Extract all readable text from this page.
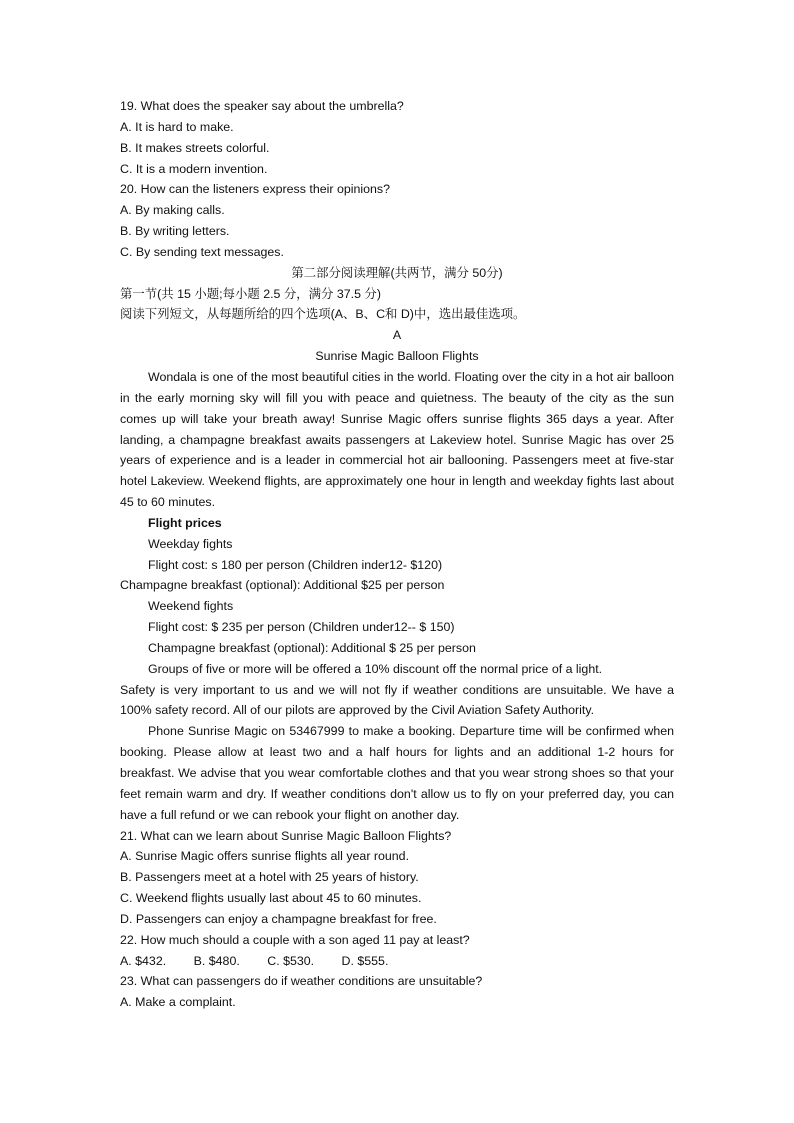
19. What does the speaker say about the umbrella?
A. It is hard to make.
B. It makes streets colorful.
C. It is a modern invention.
20. How can the listeners express their opinions?
A. By making calls.
B. By writing letters.
C. By sending text messages.
第二部分阅读理解(共两节，满分 50分)
第一节(共 15 小题;每小题 2.5 分，满分 37.5 分)
阅读下列短文，从每题所给的四个选项(A、B、C和 D)中，选出最佳选项。
A
Sunrise Magic Balloon Flights

Wondala is one of the most beautiful cities in the world. Floating over the city in a hot air balloon in the early morning sky will fill you with peace and quietness. The beauty of the city as the sun comes up will take your breath away! Sunrise Magic offers sunrise flights 365 days a year. After landing, a champagne breakfast awaits passengers at Lakeview hotel. Sunrise Magic has over 25 years of experience and is a leader in commercial hot air ballooning. Passengers meet at five-star hotel Lakeview. Weekend flights, are approximately one hour in length and weekday fights last about 45 to 60 minutes.

Flight prices
Weekday fights
Flight cost: s 180 per person (Children inder12- $120)
Champagne breakfast (optional): Additional $25 per person
Weekend fights
Flight cost: $ 235 per person (Children under12-- $ 150)
Champagne breakfast (optional): Additional $ 25 per person
Groups of five or more will be offered a 10% discount off the normal price of a light.

Safety is very important to us and we will not fly if weather conditions are unsuitable. We have a 100% safety record. All of our pilots are approved by the Civil Aviation Safety Authority.

Phone Sunrise Magic on 53467999 to make a booking. Departure time will be confirmed when booking. Please allow at least two and a half hours for lights and an additional 1-2 hours for breakfast. We advise that you wear comfortable clothes and that you wear strong shoes so that your feet remain warm and dry. If weather conditions don't allow us to fly on your preferred day, you can have a full refund or we can rebook your flight on another day.

21. What can we learn about Sunrise Magic Balloon Flights?
A. Sunrise Magic offers sunrise flights all year round.
B. Passengers meet at a hotel with 25 years of history.
C. Weekend flights usually last about 45 to 60 minutes.
D. Passengers can enjoy a champagne breakfast for free.
22. How much should a couple with a son aged 11 pay at least?
A. $432. B. $480. C. $530. D. $555.
23. What can passengers do if weather conditions are unsuitable?
A. Make a complaint.
